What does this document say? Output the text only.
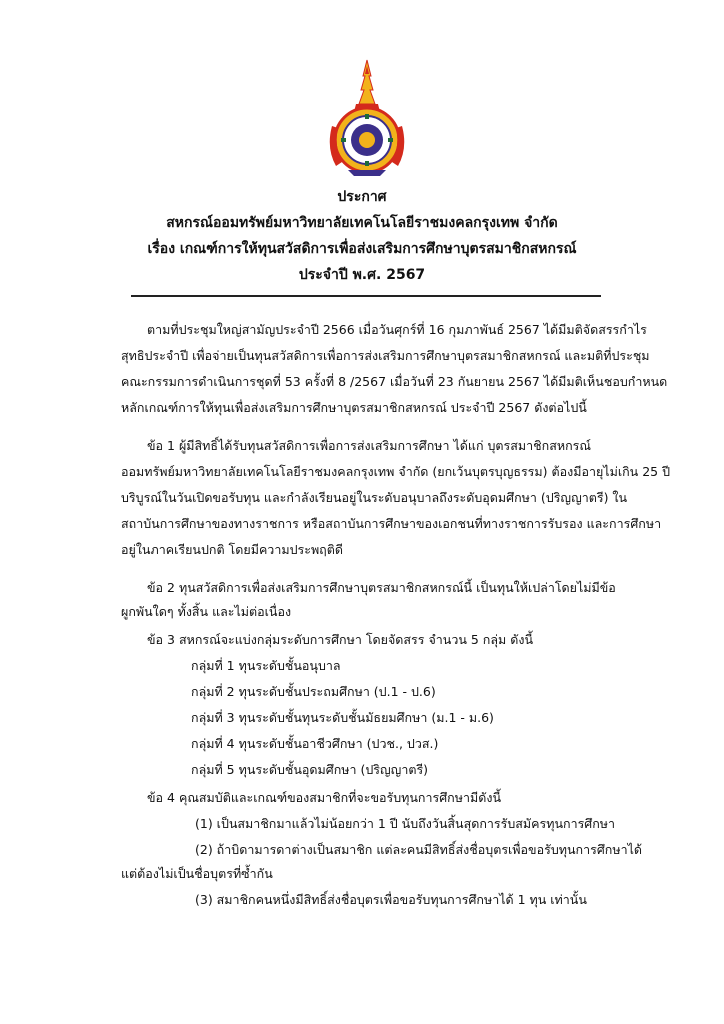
ประกาศ
สหกรณ์ออมทรัพย์มหาวิทยาลัยเทคโนโลยีราชมงคลกรุงเทพ จำกัด
เรื่อง เกณฑ์การให้ทุนสวัสดิการเพื่อส่งเสริมการศึกษาบุตรสมาชิกสหกรณ์
ประจำปี พ.ศ. 2567
ตามที่ประชุมใหญ่สามัญประจำปี 2566 เมื่อวันศุกร์ที่ 16 กุมภาพันธ์ 2567 ได้มีมติจัดสรรกำไร
สุทธิประจำปี เพื่อจ่ายเป็นทุนสวัสดิการเพื่อการส่งเสริมการศึกษาบุตรสมาชิกสหกรณ์ และมติที่ประชุม
คณะกรรมการดำเนินการชุดที่ 53 ครั้งที่ 8 /2567 เมื่อวันที่ 23 กันยายน 2567 ได้มีมติเห็นชอบกำหนด
หลักเกณฑ์การให้ทุนเพื่อส่งเสริมการศึกษาบุตรสมาชิกสหกรณ์ ประจำปี 2567 ดังต่อไปนี้
ข้อ 1 ผู้มีสิทธิ์ได้รับทุนสวัสดิการเพื่อการส่งเสริมการศึกษา ได้แก่ บุตรสมาชิกสหกรณ์
ออมทรัพย์มหาวิทยาลัยเทคโนโลยีราชมงคลกรุงเทพ จำกัด (ยกเว้นบุตรบุญธรรม) ต้องมีอายุไม่เกิน 25 ปี
บริบูรณ์ในวันเปิดขอรับทุน และกำลังเรียนอยู่ในระดับอนุบาลถึงระดับอุดมศึกษา (ปริญญาตรี) ใน
สถาบันการศึกษาของทางราชการ หรือสถาบันการศึกษาของเอกชนที่ทางราชการรับรอง และการศึกษา
อยู่ในภาคเรียนปกติ โดยมีความประพฤติดี
ข้อ 2 ทุนสวัสดิการเพื่อส่งเสริมการศึกษาบุตรสมาชิกสหกรณ์นี้ เป็นทุนให้เปล่าโดยไม่มีข้อ
ผูกพันใดๆ ทั้งสิ้น และไม่ต่อเนื่อง
ข้อ 3 สหกรณ์จะแบ่งกลุ่มระดับการศึกษา โดยจัดสรร จำนวน 5 กลุ่ม ดังนี้
กลุ่มที่ 1 ทุนระดับชั้นอนุบาล
กลุ่มที่ 2 ทุนระดับชั้นประถมศึกษา (ป.1 - ป.6)
กลุ่มที่ 3 ทุนระดับชั้นทุนระดับชั้นมัธยมศึกษา (ม.1 - ม.6)
กลุ่มที่ 4 ทุนระดับชั้นอาชีวศึกษา (ปวช., ปวส.)
กลุ่มที่ 5 ทุนระดับชั้นอุดมศึกษา (ปริญญาตรี)
ข้อ 4 คุณสมบัติและเกณฑ์ของสมาชิกที่จะขอรับทุนการศึกษามีดังนี้
(1) เป็นสมาชิกมาแล้วไม่น้อยกว่า 1 ปี นับถึงวันสิ้นสุดการรับสมัครทุนการศึกษา
(2) ถ้าบิดามารดาต่างเป็นสมาชิก แต่ละคนมีสิทธิ์ส่งชื่อบุตรเพื่อขอรับทุนการศึกษาได้
แต่ต้องไม่เป็นชื่อบุตรที่ซ้ำกัน
(3) สมาชิกคนหนึ่งมีสิทธิ์ส่งชื่อบุตรเพื่อขอรับทุนการศึกษาได้ 1 ทุน เท่านั้น
